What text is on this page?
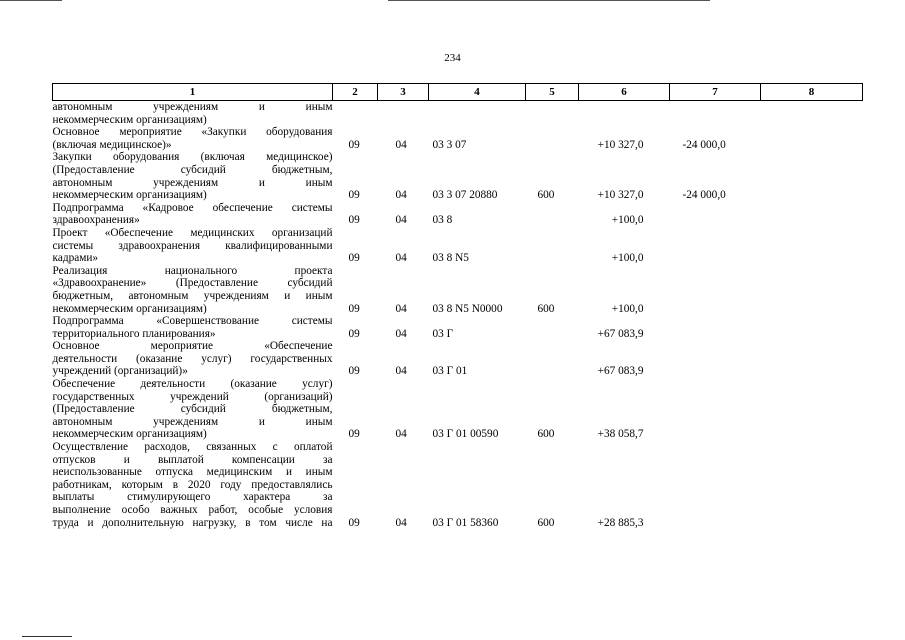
234
1	2	3	4	5	6	7	8
автономным учреждениям и иным							
некоммерческим организациям)							
Основное мероприятие «Закупки оборудования							
(включая медицинское)»	09	04	03 3 07		+10 327,0	-24 000,0	
Закупки оборудования (включая медицинское)							
(Предоставление субсидий бюджетным,							
автономным учреждениям и иным							
некоммерческим организациям)	09	04	03 3 07 20880	600	+10 327,0	-24 000,0	
Подпрограмма «Кадровое обеспечение системы							
здравоохранения»	09	04	03 8		+100,0		
Проект «Обеспечение медицинских организаций							
системы здравоохранения квалифицированными							
кадрами»	09	04	03 8 N5		+100,0		
Реализация национального проекта							
«Здравоохранение» (Предоставление субсидий							
бюджетным, автономным учреждениям и иным							
некоммерческим организациям)	09	04	03 8 N5 N0000	600	+100,0		
Подпрограмма «Совершенствование системы							
территориального планирования»	09	04	03 Г		+67 083,9		
Основное мероприятие «Обеспечение							
деятельности (оказание услуг) государственных							
учреждений (организаций)»	09	04	03 Г 01		+67 083,9		
Обеспечение деятельности (оказание услуг)							
государственных учреждений (организаций)							
(Предоставление субсидий бюджетным,							
автономным учреждениям и иным							
некоммерческим организациям)	09	04	03 Г 01 00590	600	+38 058,7		
Осуществление расходов, связанных с оплатой							
отпусков и выплатой компенсации за							
неиспользованные отпуска медицинским и иным							
работникам, которым в 2020 году предоставлялись							
выплаты стимулирующего характера за							
выполнение особо важных работ, особые условия							
труда и дополнительную нагрузку, в том числе на	09	04	03 Г 01 58360	600	+28 885,3		
